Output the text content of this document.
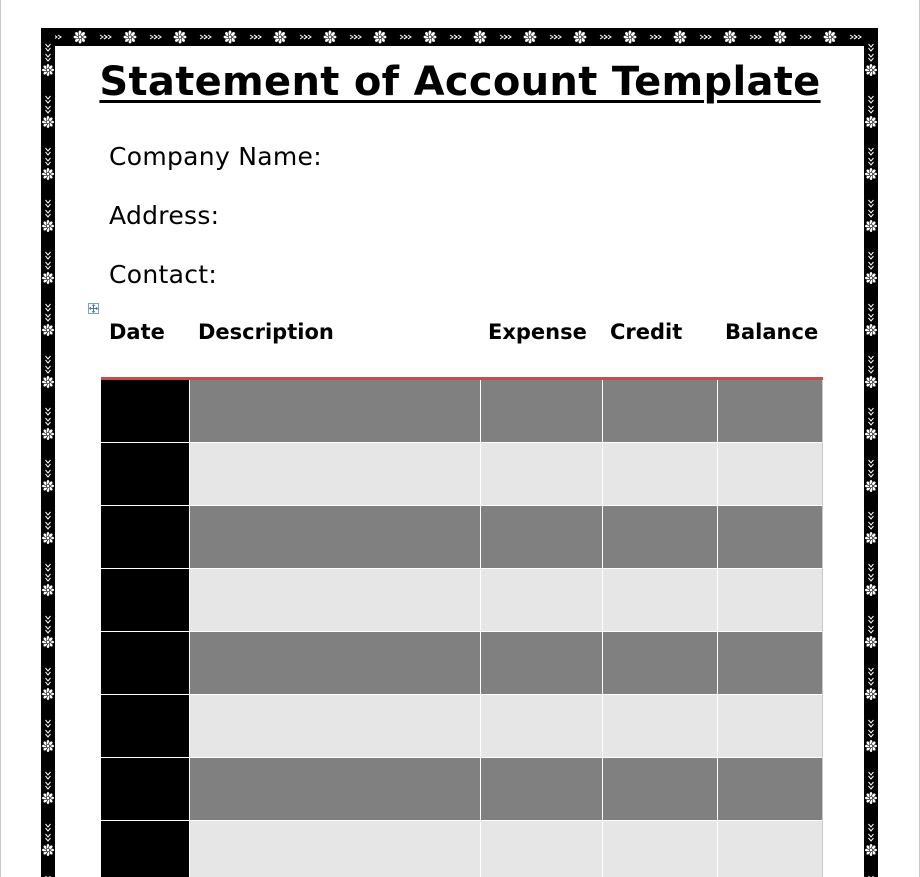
Statement of Account Template
Company Name:
Address:
Contact:
Date Description	Expense Credit Balance
